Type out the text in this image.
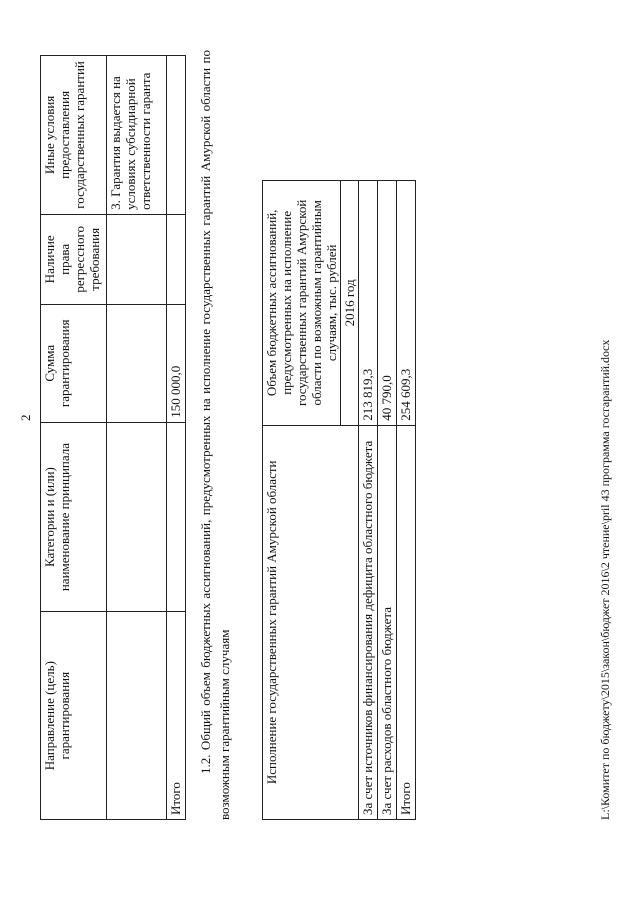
2
Направление (цель) гарантирования	Категории и (или) наименование принципала	Сумма гарантирования	Наличие права регрессного требования	Иные условия предоставления государственных гарантий
				3. Гарантия выдается на условиях субсидиарной ответственности гаранта
Итого		150 000,0		
1.2. Общий объем бюджетных ассигнований, предусмотренных на исполнение государственных гарантий Амурской области по возможным гарантийным случаям Исполнение государственных гарантий Амурской области	Объем бюджетных ассигнований, предусмотренных на исполнение государственных гарантий Амурской области по возможным гарантийным случаям, тыс. рублей
	2016 год
За счет источников финансирования дефицита областного бюджета	213 819,3
За счет расходов областного бюджета	40 790,0
Итого	254 609,3	L:\Комитет по бюджету\2015\закон\бюджет 2016\2 чтение\pril 43 программа госгарантий.docx
